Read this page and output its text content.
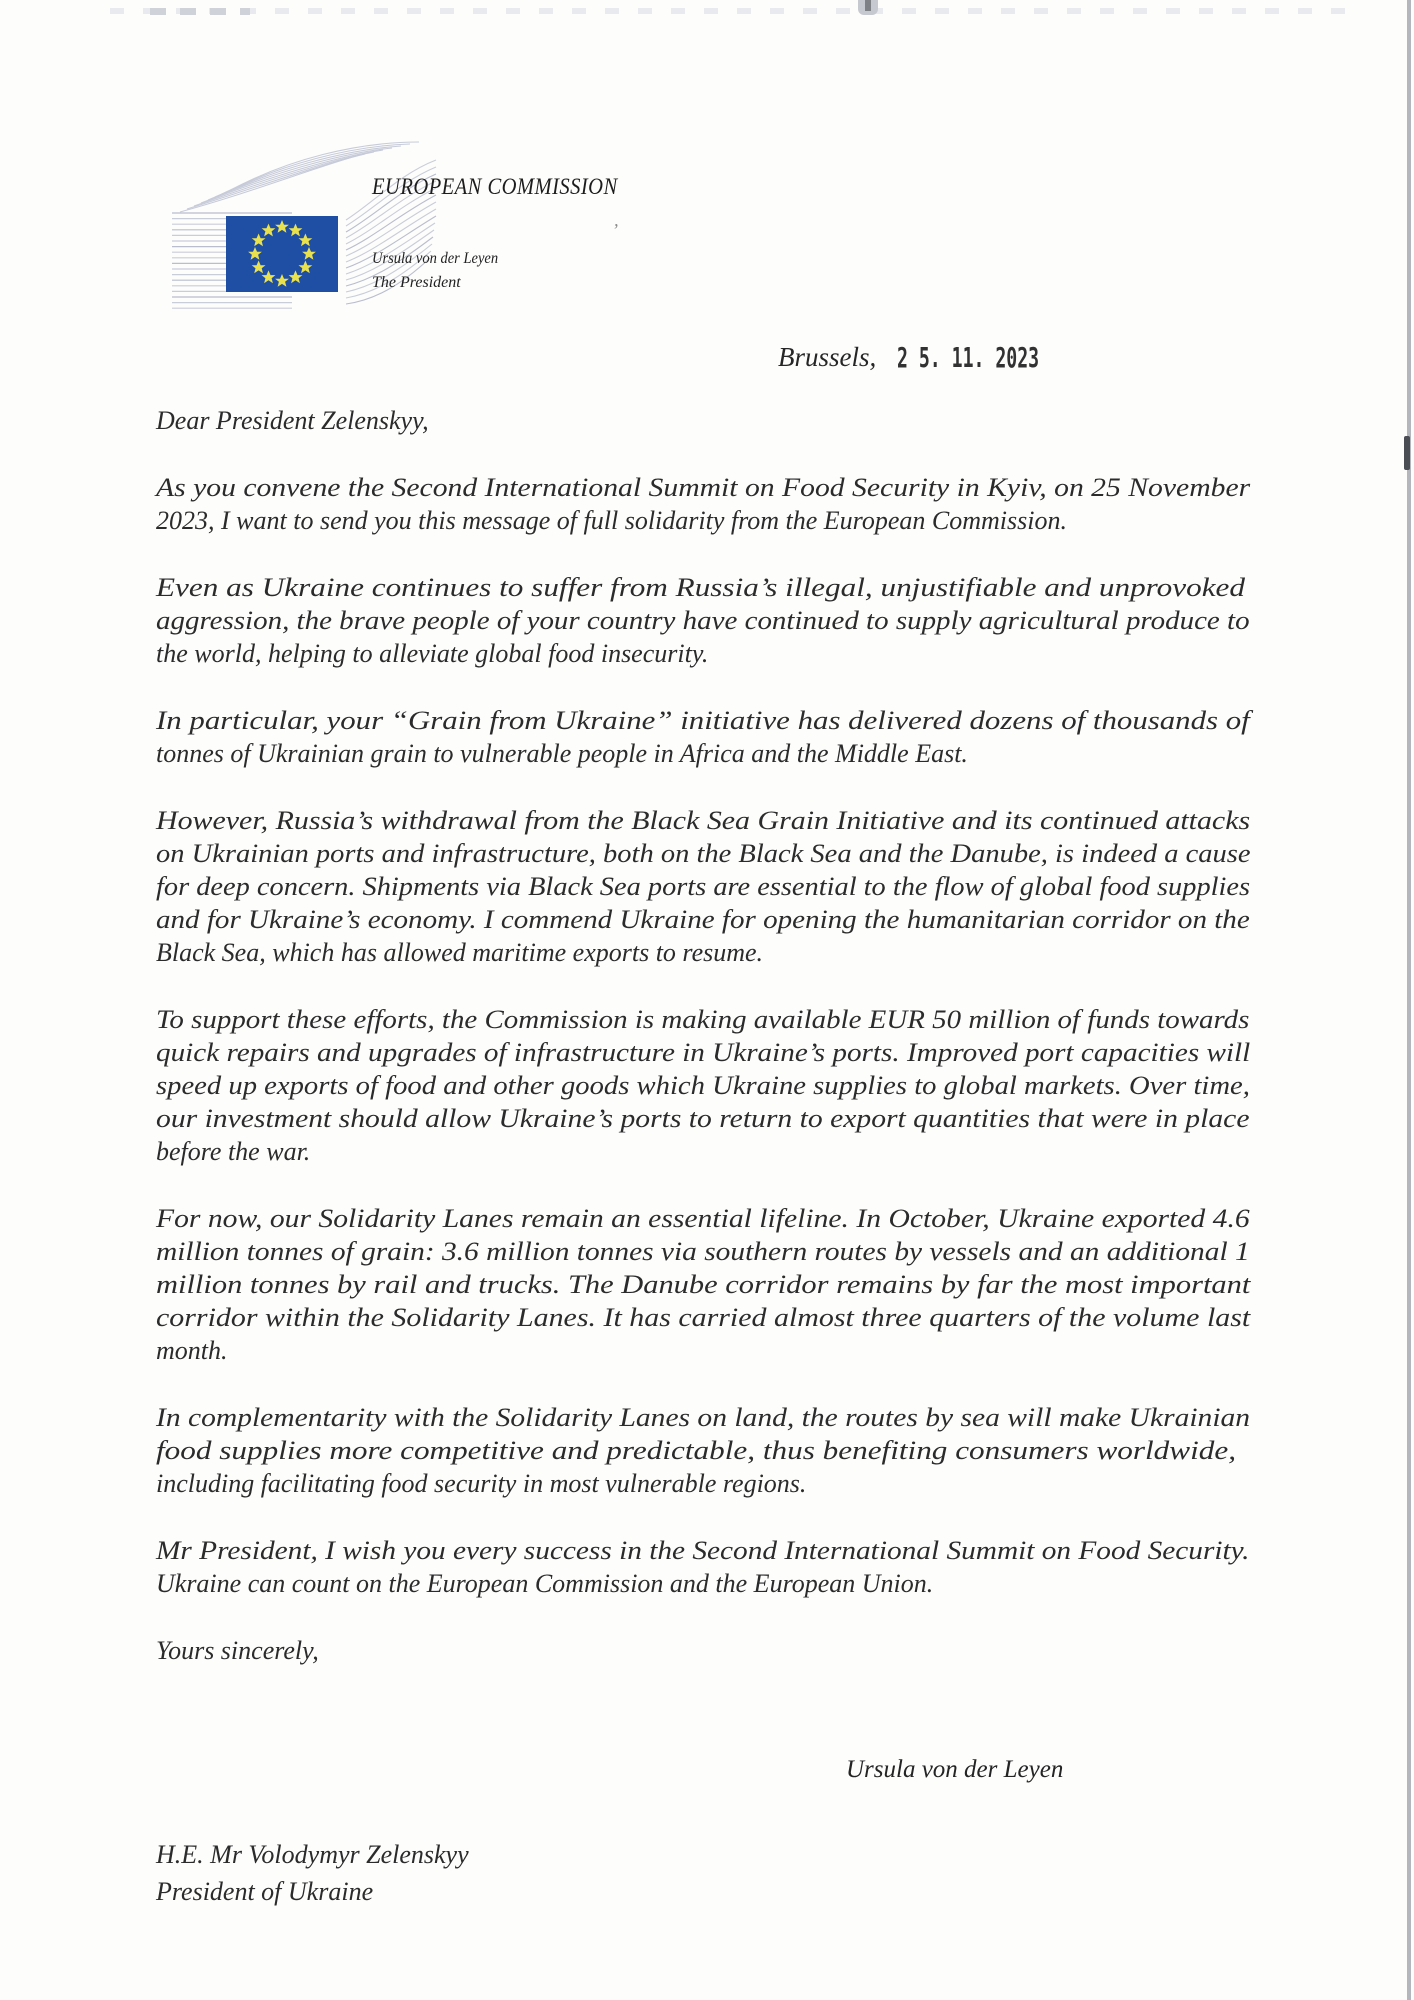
’
EUROPEAN COMMISSION
Ursula von der Leyen
The President
Brussels, 2 5. 11. 2023
Dear President Zelenskyy,
As you convene the Second International Summit on Food Security in Kyiv, on 25 November
2023, I want to send you this message of full solidarity from the European Commission.
Even as Ukraine continues to suffer from Russia’s illegal, unjustifiable and unprovoked
aggression, the brave people of your country have continued to supply agricultural produce to
the world, helping to alleviate global food insecurity.
In particular, your “Grain from Ukraine” initiative has delivered dozens of thousands of
tonnes of Ukrainian grain to vulnerable people in Africa and the Middle East.
However, Russia’s withdrawal from the Black Sea Grain Initiative and its continued attacks
on Ukrainian ports and infrastructure, both on the Black Sea and the Danube, is indeed a cause
for deep concern. Shipments via Black Sea ports are essential to the flow of global food supplies
and for Ukraine’s economy. I commend Ukraine for opening the humanitarian corridor on the
Black Sea, which has allowed maritime exports to resume.
To support these efforts, the Commission is making available EUR 50 million of funds towards
quick repairs and upgrades of infrastructure in Ukraine’s ports. Improved port capacities will
speed up exports of food and other goods which Ukraine supplies to global markets. Over time,
our investment should allow Ukraine’s ports to return to export quantities that were in place
before the war.
For now, our Solidarity Lanes remain an essential lifeline. In October, Ukraine exported 4.6
million tonnes of grain: 3.6 million tonnes via southern routes by vessels and an additional 1
million tonnes by rail and trucks. The Danube corridor remains by far the most important
corridor within the Solidarity Lanes. It has carried almost three quarters of the volume last
month.
In complementarity with the Solidarity Lanes on land, the routes by sea will make Ukrainian
food supplies more competitive and predictable, thus benefiting consumers worldwide,
including facilitating food security in most vulnerable regions.
Mr President, I wish you every success in the Second International Summit on Food Security.
Ukraine can count on the European Commission and the European Union.
Yours sincerely,
Ursula von der Leyen
H.E. Mr Volodymyr Zelenskyy
President of Ukraine
